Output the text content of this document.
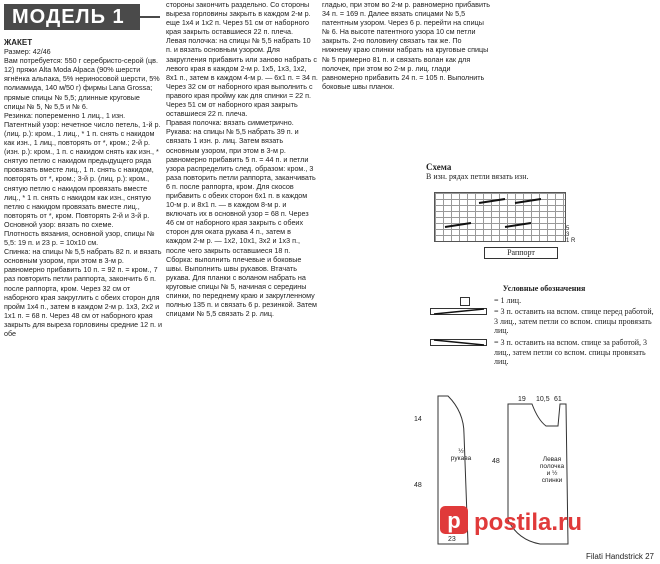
МОДЕЛЬ 1

ЖАКЕТ

Размер: 42/46

Вам потребуется: 550 г серебристо-серой (цв. 12) пряжи Alta Moda Alpaca (90% шерсти ягнёнка альпака, 5% нериносовой шерсти, 5% полиамида, 140 м/50 г) фирмы Lana Grossa; прямые спицы № 5,5; длинные круговые спицы № 5, № 5,5 и № 6.

Резинка: попеременно 1 лиц., 1 изн.

Патентный узор: нечетное число петель, 1-й р. (лиц. р.): кром., 1 лиц., * 1 п. снять с накидом как изн., 1 лиц., повторять от *, кром.; 2-й р. (изн. р.): кром., 1 п. с накидом снять как изн., * снятую петлю с накидом предыдущего ряда провязать вместе лиц., 1 п. снять с накидом, повторять от *, кром.; 3-й р. (лиц. р.): кром., снятую петлю с накидом провязать вместе лиц., * 1 п. снять с накидом как изн., снятую петлю с накидом провязать вместе лиц., повторять от *, кром. Повторять 2-й и 3-й р.

Основной узор: вязать по схеме.

Плотность вязания, основной узор, спицы № 5,5: 19 п. и 23 р. = 10x10 см.

Спинка: на спицы № 5,5 набрать 82 п. и вязать основным узором, при этом в 3-м р. равномерно прибавить 10 п. = 92 п. = кром., 7 раз повторить петли раппорта, закончить 6 п. после раппорта, кром. Через 32 см от наборного края закруглить с обеих сторон для пройм 1x4 п., затем в каждом 2-м р. 1x3, 2x2 и 1x1 п. = 68 п. Через 48 см от наборного края закрыть для выреза горловины средние 12 п. и обе

стороны закончить раздельно. Со стороны выреза горловины закрыть в каждом 2-м р. еще 1x4 и 1x2 п. Через 51 см от наборного края закрыть оставшиеся 22 п. плеча.

Левая полочка: на спицы № 5,5 набрать 10 п. и вязать основным узором. Для закругления прибавить или заново набрать с левого края в каждом 2-м р. 1x5, 1x3, 1x2, 8x1 п., затем в каждом 4-м р. — 6x1 п. = 34 п. Через 32 см от наборного края выполнить с правого края пройму как для спинки = 22 п. Через 51 см от наборного края закрыть оставшиеся 22 п. плеча.

Правая полочка: вязать симметрично.

Рукава: на спицы № 5,5 набрать 39 п. и связать 1 изн. р. лиц. Затем вязать основным узором, при этом в 3-м р. равномерно прибавить 5 п. = 44 п. и петли узора распределить след. образом: кром., 3 раза повторить петли раппорта, заканчивать 6 п. после раппорта, кром. Для скосов прибавить с обеих сторон 6x1 п. в каждом 10-м р. и 8x1 п. — в каждом 8-м р. и включать их в основной узор = 68 п. Через 46 см от наборного края закрыть с обеих сторон для оката рукава 4 п., затем в каждом 2-м р. — 1x2, 10x1, 3x2 и 1x3 п., после чего закрыть оставшиеся 18 п.

Сборка: выполнить плечевые и боковые швы. Выполнить швы рукавов. Втачать рукава. Для планки с воланом набрать на круговые спицы № 5, начиная с середины спинки, по переднему краю и закругленному полнью 135 п. и связать 6 р. резинкой. Затем спицами № 5,5 связать 2 р. лиц.

гладью, при этом во 2-м р. равномерно прибавить 34 п. = 169 п. Далее вязать спицами № 5,5 патентным узором. Через 6 р. перейти на спицы № 6. На высоте патентного узора 10 см петли закрыть. 2-ю половину связать так же. По нижнему краю спинки набрать на круговые спицы № 5 примерно 81 п. и связать волан как для полочек, при этом во 2-м р. лиц. глади равномерно прибавить 24 п. = 105 п. Выполнить боковые швы планок.

Схема
В изн. рядах петли вязать изн.
5
3
1 R
Раппорт
Условные обозначения
= 1 лиц.
= 3 п. оставить на вспом. спице перед работой, 3 лиц., затем петли со вспом. спицы провязать лиц.
= 3 п. оставить на вспом. спице за работой, 3 лиц., затем петли со вспом. спицы провязать лиц.
14
48
23
½
рукава
19 10,5 61
48	Левая полочка
и ½ спинки
p postila.ru
Filati Handstrick 27
